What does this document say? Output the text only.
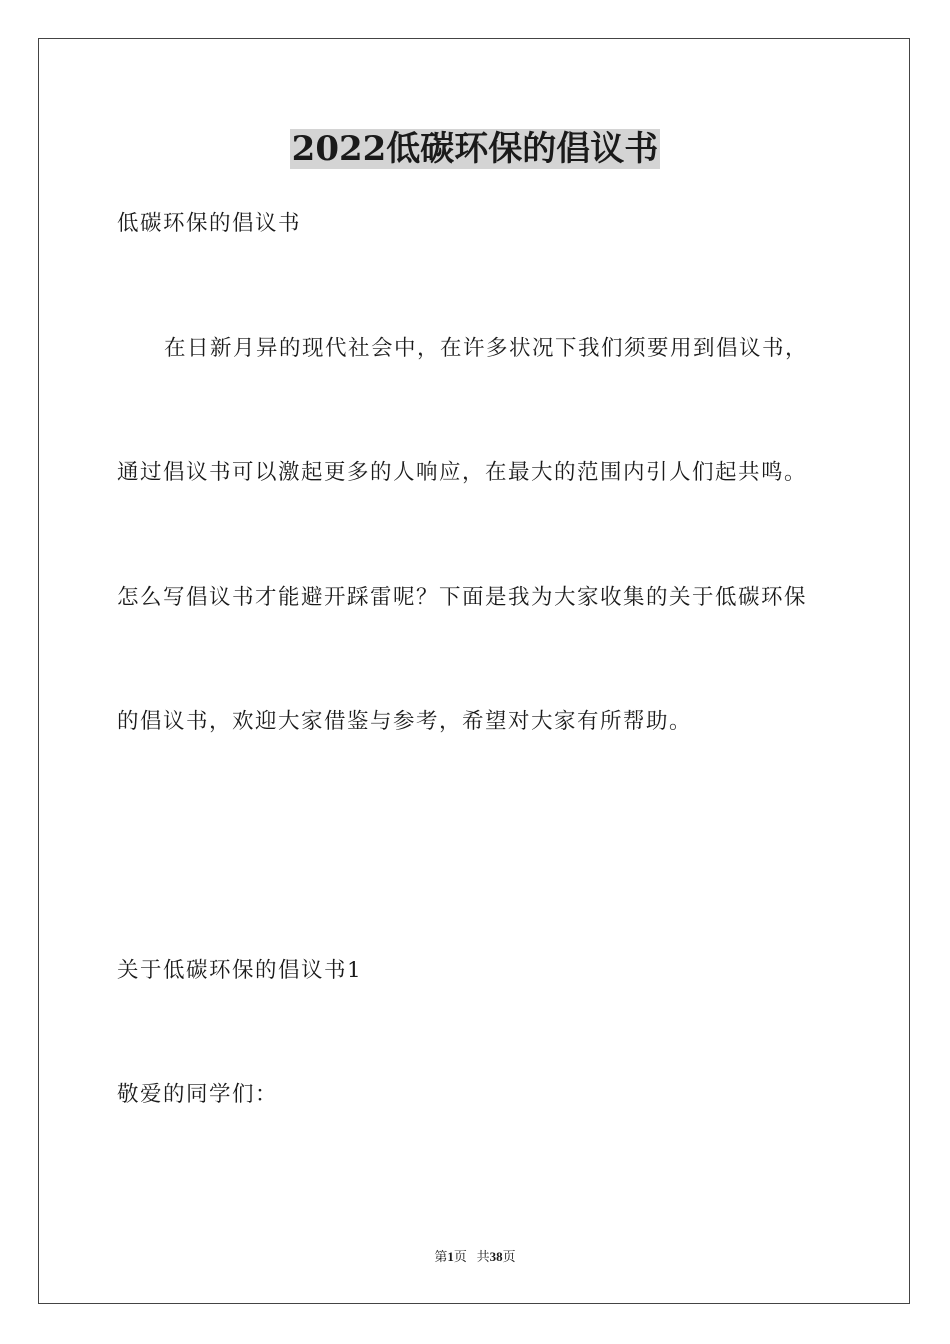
2022低碳环保的倡议书
低碳环保的倡议书
在日新月异的现代社会中，在许多状况下我们须要用到倡议书，
通过倡议书可以激起更多的人响应，在最大的范围内引人们起共鸣。
怎么写倡议书才能避开踩雷呢？下面是我为大家收集的关于低碳环保
的倡议书，欢迎大家借鉴与参考，希望对大家有所帮助。
关于低碳环保的倡议书1
敬爱的同学们：
第1页 共38页
